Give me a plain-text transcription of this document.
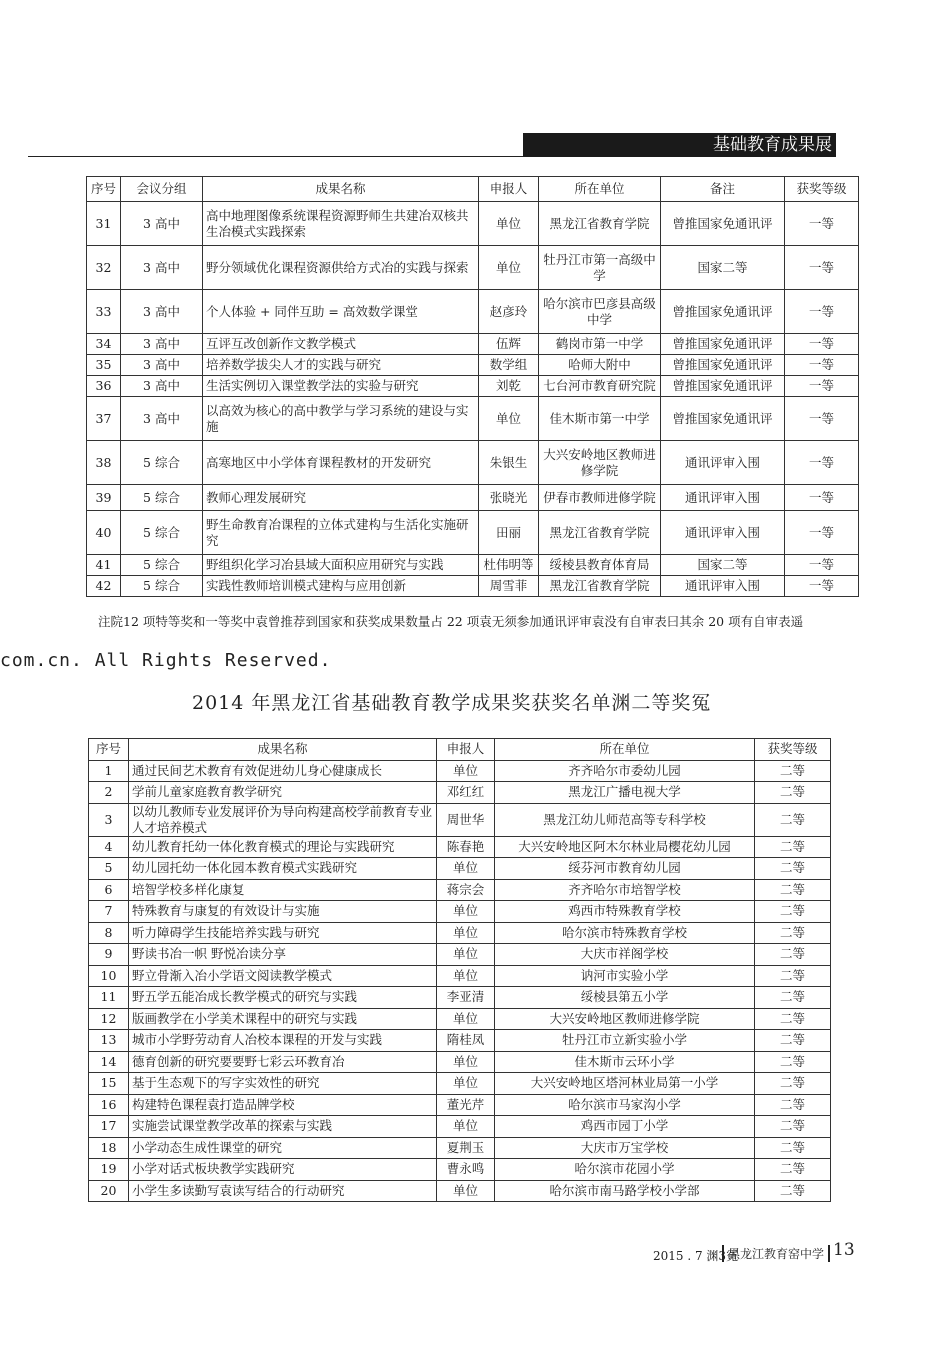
基础教育成果展
序号	会议分组	成果名称	申报人	所在单位	备注	获奖等级
31	3 高中	高中地理图像系统课程资源野师生共建冶双核共生冶模式实践探索	单位	黑龙江省教育学院	曾推国家免通讯评	一等
32	3 高中	野分领域优化课程资源供给方式冶的实践与探索	单位	牡丹江市第一高级中学	国家二等	一等
33	3 高中	个人体验 + 同伴互助 = 高效数学课堂	赵彦玲	哈尔滨市巴彦县高级中学	曾推国家免通讯评	一等
34	3 高中	互评互改创新作文教学模式	伍辉	鹤岗市第一中学	曾推国家免通讯评	一等
35	3 高中	培养数学拔尖人才的实践与研究	数学组	哈师大附中	曾推国家免通讯评	一等
36	3 高中	生活实例切入课堂教学法的实验与研究	刘乾	七台河市教育研究院	曾推国家免通讯评	一等
37	3 高中	以高效为核心的高中教学与学习系统的建设与实施	单位	佳木斯市第一中学	曾推国家免通讯评	一等
38	5 综合	高寒地区中小学体育课程教材的开发研究	朱银生	大兴安岭地区教师进修学院	通讯评审入围	一等
39	5 综合	教师心理发展研究	张晓光	伊春市教师进修学院	通讯评审入围	一等
40	5 综合	野生命教育冶课程的立体式建构与生活化实施研究	田丽	黑龙江省教育学院	通讯评审入围	一等
41	5 综合	野组织化学习冶县域大面积应用研究与实践	杜伟明等	绥棱县教育体育局	国家二等	一等
42	5 综合	实践性教师培训模式建构与应用创新	周雪菲	黑龙江省教育学院	通讯评审入围	一等
注院12 项特等奖和一等奖中袁曾推荐到国家和获奖成果数量占 22 项袁无须参加通讯评审袁没有自审表曰其余 20 项有自审表遥
com.cn. All Rights Reserved.
2014 年黑龙江省基础教育教学成果奖获奖名单渊二等奖冤
序号	成果名称	申报人	所在单位	获奖等级
1	通过民间艺术教育有效促进幼儿身心健康成长	单位	齐齐哈尔市委幼儿园	二等
2	学前儿童家庭教育教学研究	邓红红	黑龙江广播电视大学	二等
3	以幼儿教师专业发展评价为导向构建高校学前教育专业人才培养模式	周世华	黑龙江幼儿师范高等专科学校	二等
4	幼儿教育托幼一体化教育模式的理论与实践研究	陈春艳	大兴安岭地区阿木尔林业局樱花幼儿园	二等
5	幼儿园托幼一体化园本教育模式实践研究	单位	绥芬河市教育幼儿园	二等
6	培智学校多样化康复	蒋宗会	齐齐哈尔市培智学校	二等
7	特殊教育与康复的有效设计与实施	单位	鸡西市特殊教育学校	二等
8	听力障碍学生技能培养实践与研究	单位	哈尔滨市特殊教育学校	二等
9	野读书冶一帜 野悦冶读分享	单位	大庆市祥阁学校	二等
10	野立骨渐入冶小学语文阅读教学模式	单位	讷河市实验小学	二等
11	野五学五能冶成长教学模式的研究与实践	李亚清	绥棱县第五小学	二等
12	版画教学在小学美术课程中的研究与实践	单位	大兴安岭地区教师进修学院	二等
13	城市小学野劳动育人冶校本课程的开发与实践	隋桂凤	牡丹江市立新实验小学	二等
14	德育创新的研究要要野七彩云环教育冶	单位	佳木斯市云环小学	二等
15	基于生态观下的写字实效性的研究	单位	大兴安岭地区塔河林业局第一小学	二等
16	构建特色课程袁打造品牌学校	董光芹	哈尔滨市马家沟小学	二等
17	实施尝试课堂教学改革的探索与实践	单位	鸡西市园丁小学	二等
18	小学动态生成性课堂的研究	夏荆玉	大庆市万宝学校	二等
19	小学对话式板块教学实践研究	曹永鸣	哈尔滨市花园小学	二等
20	小学生多读勤写袁读写结合的行动研究	单位	哈尔滨市南马路学校小学部	二等
2015 . 7 渊3冤
黑龙江教育窑中学 13
